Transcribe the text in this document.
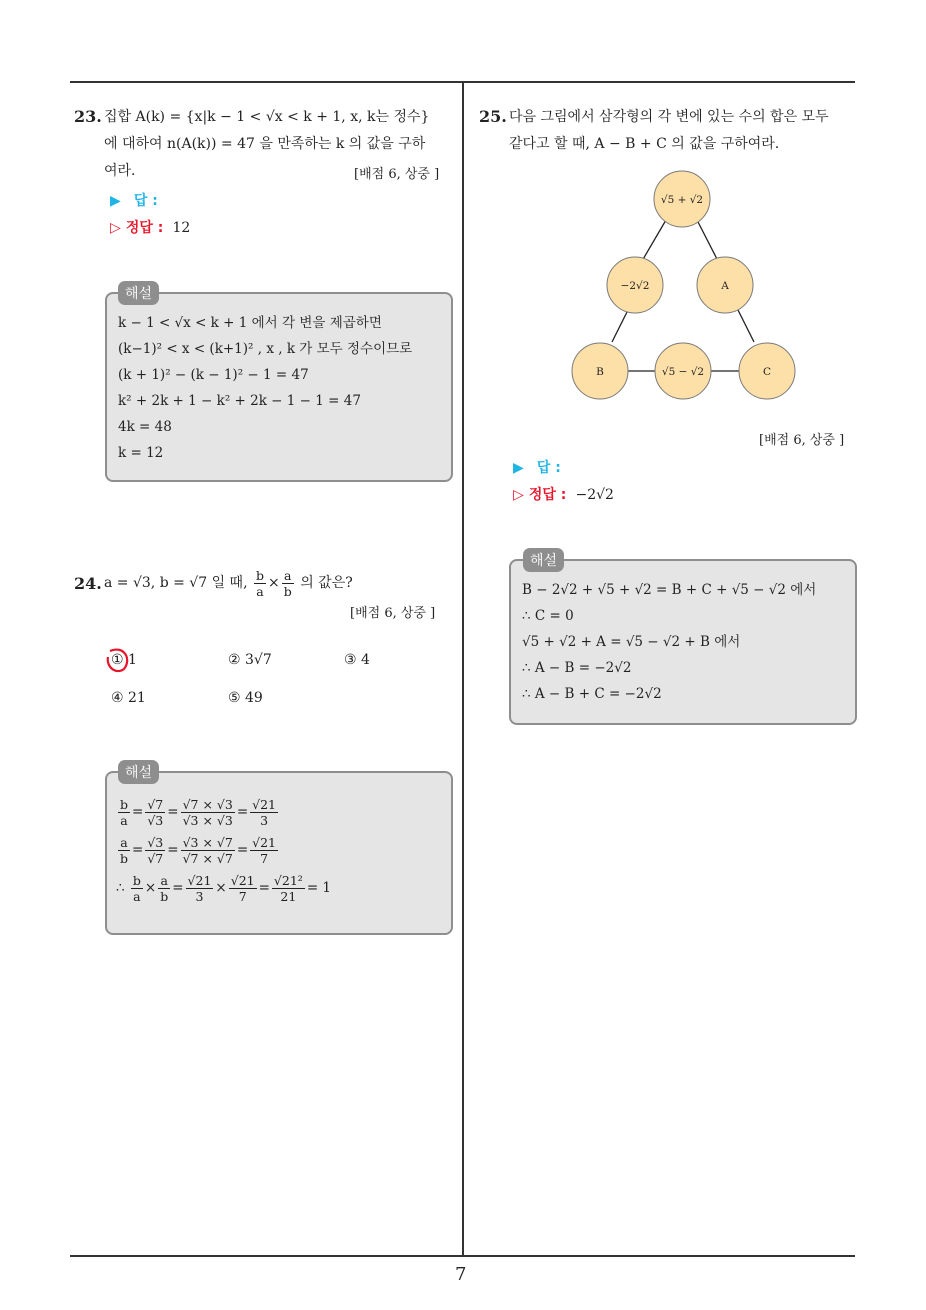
7
23. 집합 A(k) = {x|k − 1 < √x < k + 1, x, k는 정수}
에 대하여 n(A(k)) = 47 을 만족하는 k 의 값을 구하
여라.	[배점 6, 상중 ]
▶ 답 :
▷ 정답 : 12
해설
k − 1 < √x < k + 1 에서 각 변을 제곱하면
(k−1)² < x < (k+1)² , x , k 가 모두 정수이므로
(k + 1)² − (k − 1)² − 1 = 47
k² + 2k + 1 − k² + 2k − 1 − 1 = 47
4k = 48
k = 12
24. a = √3, b = √7 일 때, $\frac{b}{a} \times \frac{a}{b}$ 의 값은?
[배점 6, 상중 ]
① 1	② 3√7	③ 4
④ 21	⑤ 49
해설
$\frac{b}{a} = \frac{√7}{√3} = \frac{√7 \times √3}{√3 \times √3} = \frac{√21}{3}$
$\frac{a}{b} = \frac{√3}{√7} = \frac{√3 \times √7}{√7 \times √7} = \frac{√21}{7}$
∴ $\frac{b}{a} \times \frac{a}{b} = \frac{√21}{3} \times \frac{√21}{7} = \frac{\text{√21²}}{21} = 1$
25. 다음 그림에서 삼각형의 각 변에 있는 수의 합은 모두
같다고 할 때, A − B + C 의 값을 구하여라.
√5 + √2
−2√2	A
B	√5 − √2	C
[배점 6, 상중 ]
▶ 답 :
▷ 정답 : −2√2
해설
B − 2√2 + √5 + √2 = B + C + √5 − √2 에서
∴ C = 0
√5 + √2 + A = √5 − √2 + B 에서
∴ A − B = −2√2
∴ A − B + C = −2√2
